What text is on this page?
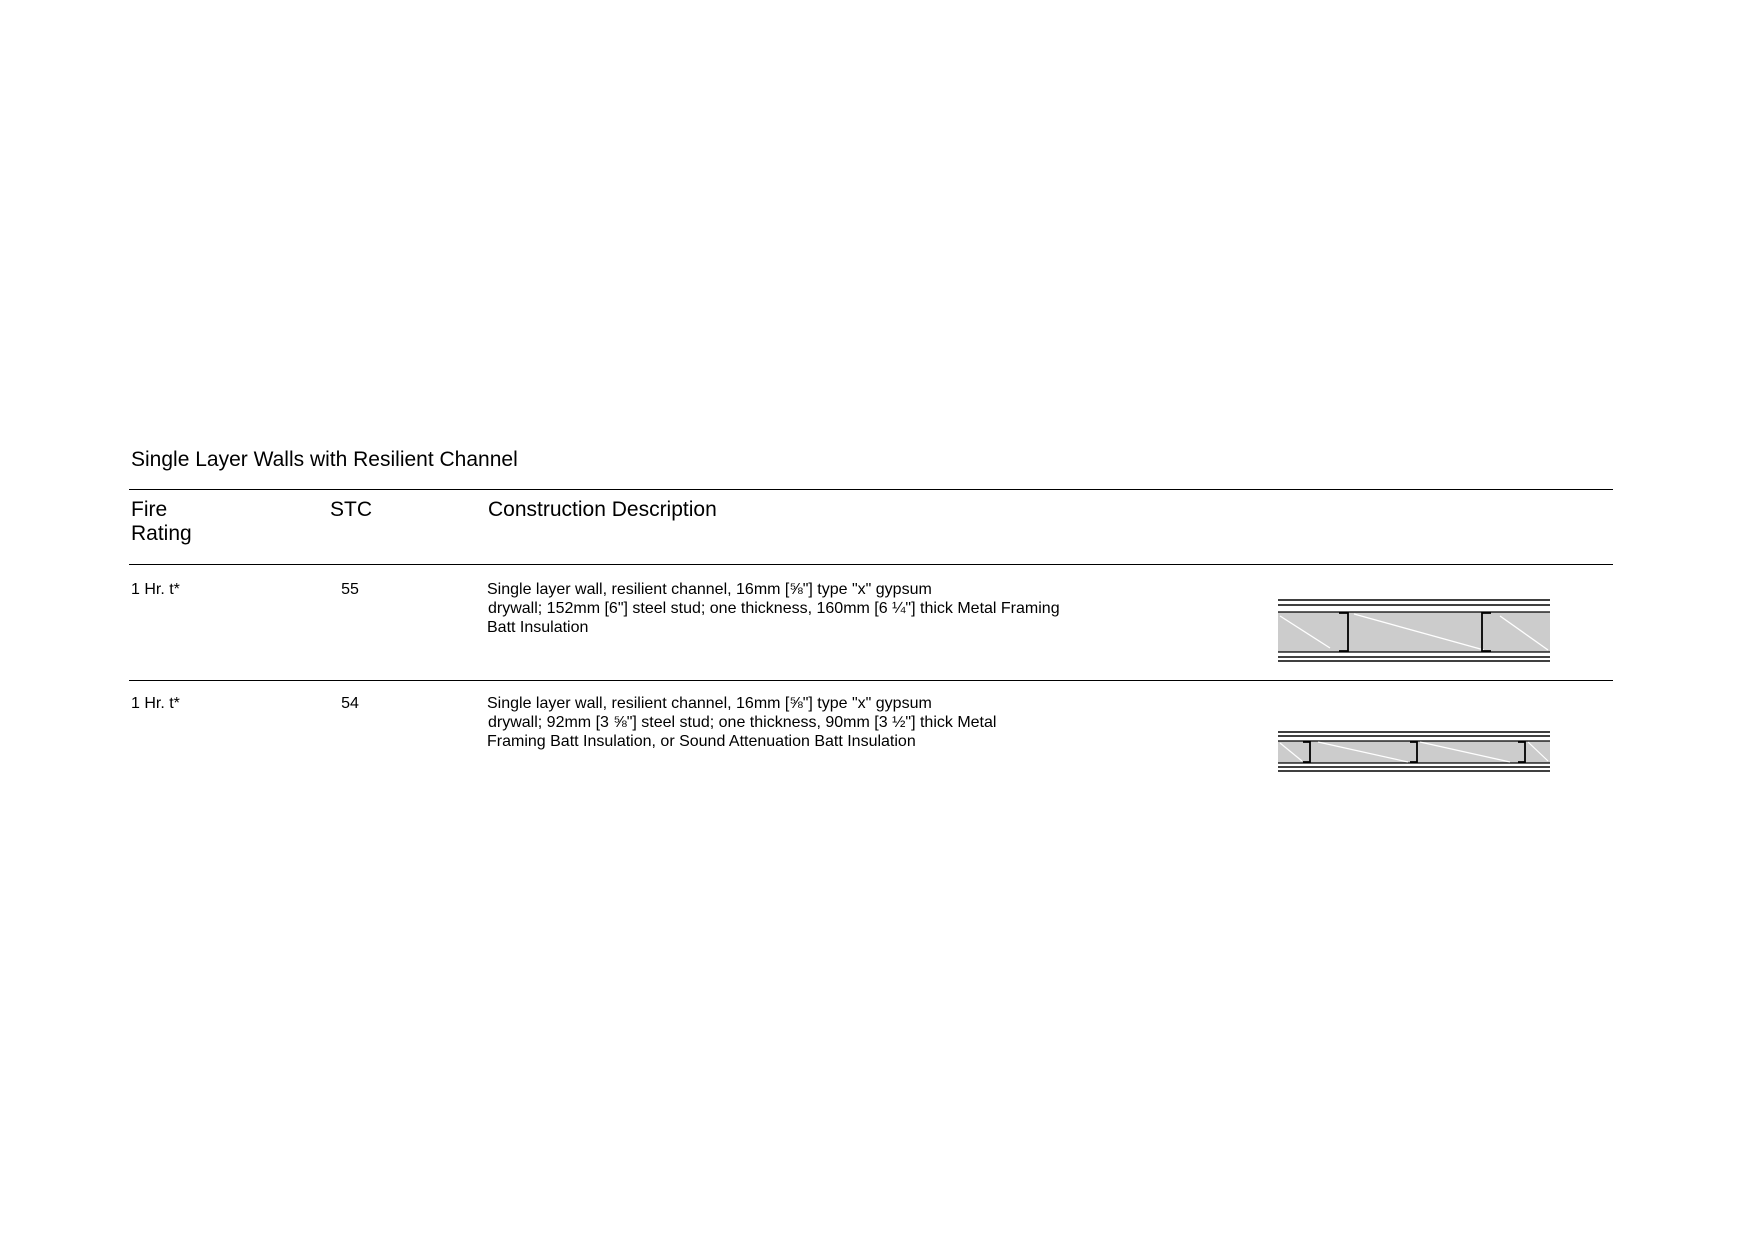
Single Layer Walls with Resilient Channel
Fire
Rating
STC	Construction Description
1 Hr. t*	55	Single layer wall, resilient channel, 16mm [⅝"] type "x" gypsum
drywall; 152mm [6"] steel stud; one thickness, 160mm [6 ¼"] thick Metal Framing
Batt Insulation
1 Hr. t*	54	Single layer wall, resilient channel, 16mm [⅝"] type "x" gypsum
drywall; 92mm [3 ⅝"] steel stud; one thickness, 90mm [3 ½"] thick Metal
Framing Batt Insulation, or Sound Attenuation Batt Insulation
